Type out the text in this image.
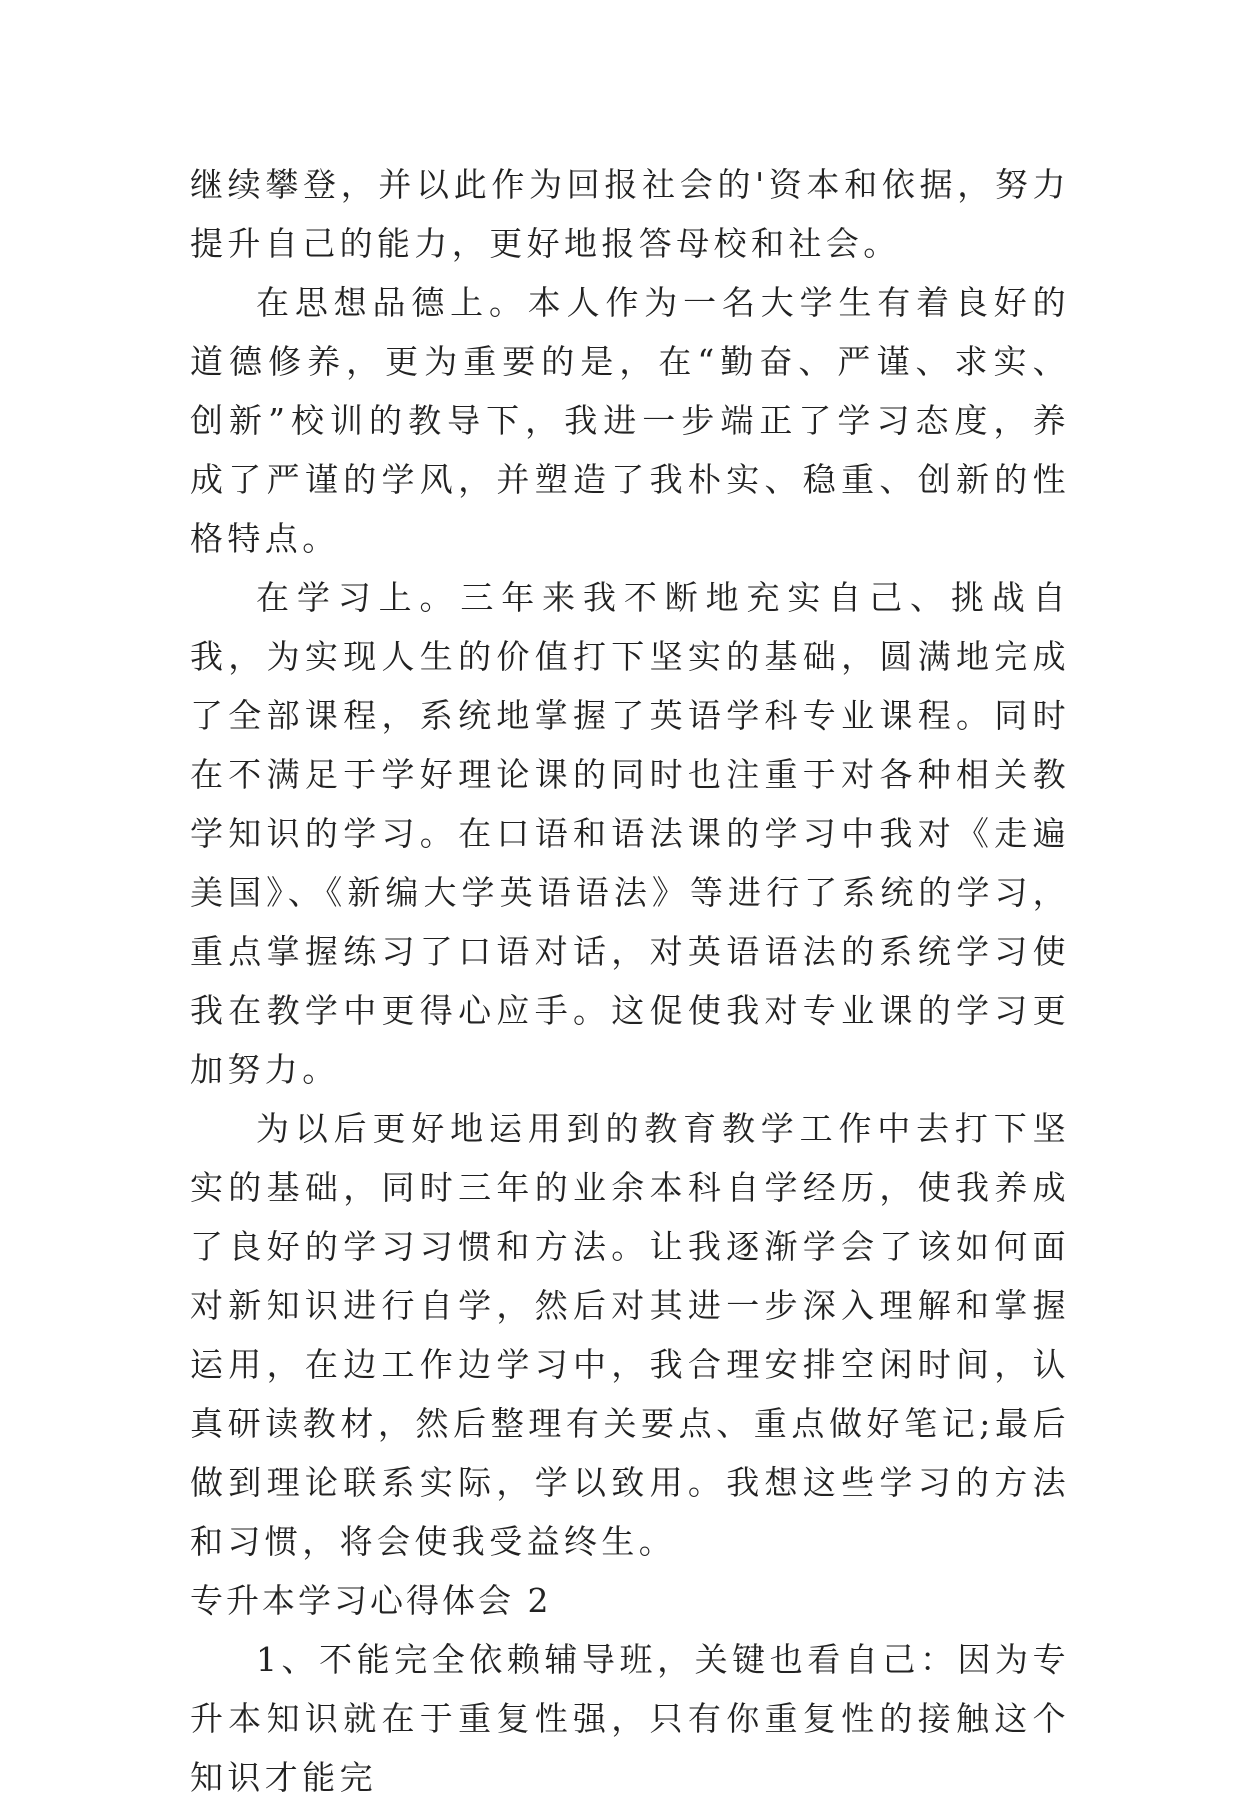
继续攀登，并以此作为回报社会的'资本和依据，努力提升自己的能力，更好地报答母校和社会。

在思想品德上。本人作为一名大学生有着良好的道德修养，更为重要的是，在“勤奋、严谨、求实、创新”校训的教导下，我进一步端正了学习态度，养成了严谨的学风，并塑造了我朴实、稳重、创新的性格特点。

在学习上。三年来我不断地充实自己、挑战自我，为实现人生的价值打下坚实的基础，圆满地完成了全部课程，系统地掌握了英语学科专业课程。同时在不满足于学好理论课的同时也注重于对各种相关教学知识的学习。在口语和语法课的学习中我对《走遍美国》、《新编大学英语语法》等进行了系统的学习，重点掌握练习了口语对话，对英语语法的系统学习使我在教学中更得心应手。这促使我对专业课的学习更加努力。

为以后更好地运用到的教育教学工作中去打下坚实的基础，同时三年的业余本科自学经历，使我养成了良好的学习习惯和方法。让我逐渐学会了该如何面对新知识进行自学，然后对其进一步深入理解和掌握运用，在边工作边学习中，我合理安排空闲时间，认真研读教材，然后整理有关要点、重点做好笔记;最后做到理论联系实际，学以致用。我想这些学习的方法和习惯，将会使我受益终生。

专升本学习心得体会 2

1、不能完全依赖辅导班，关键也看自己：因为专升本知识就在于重复性强，只有你重复性的接触这个知识才能完
